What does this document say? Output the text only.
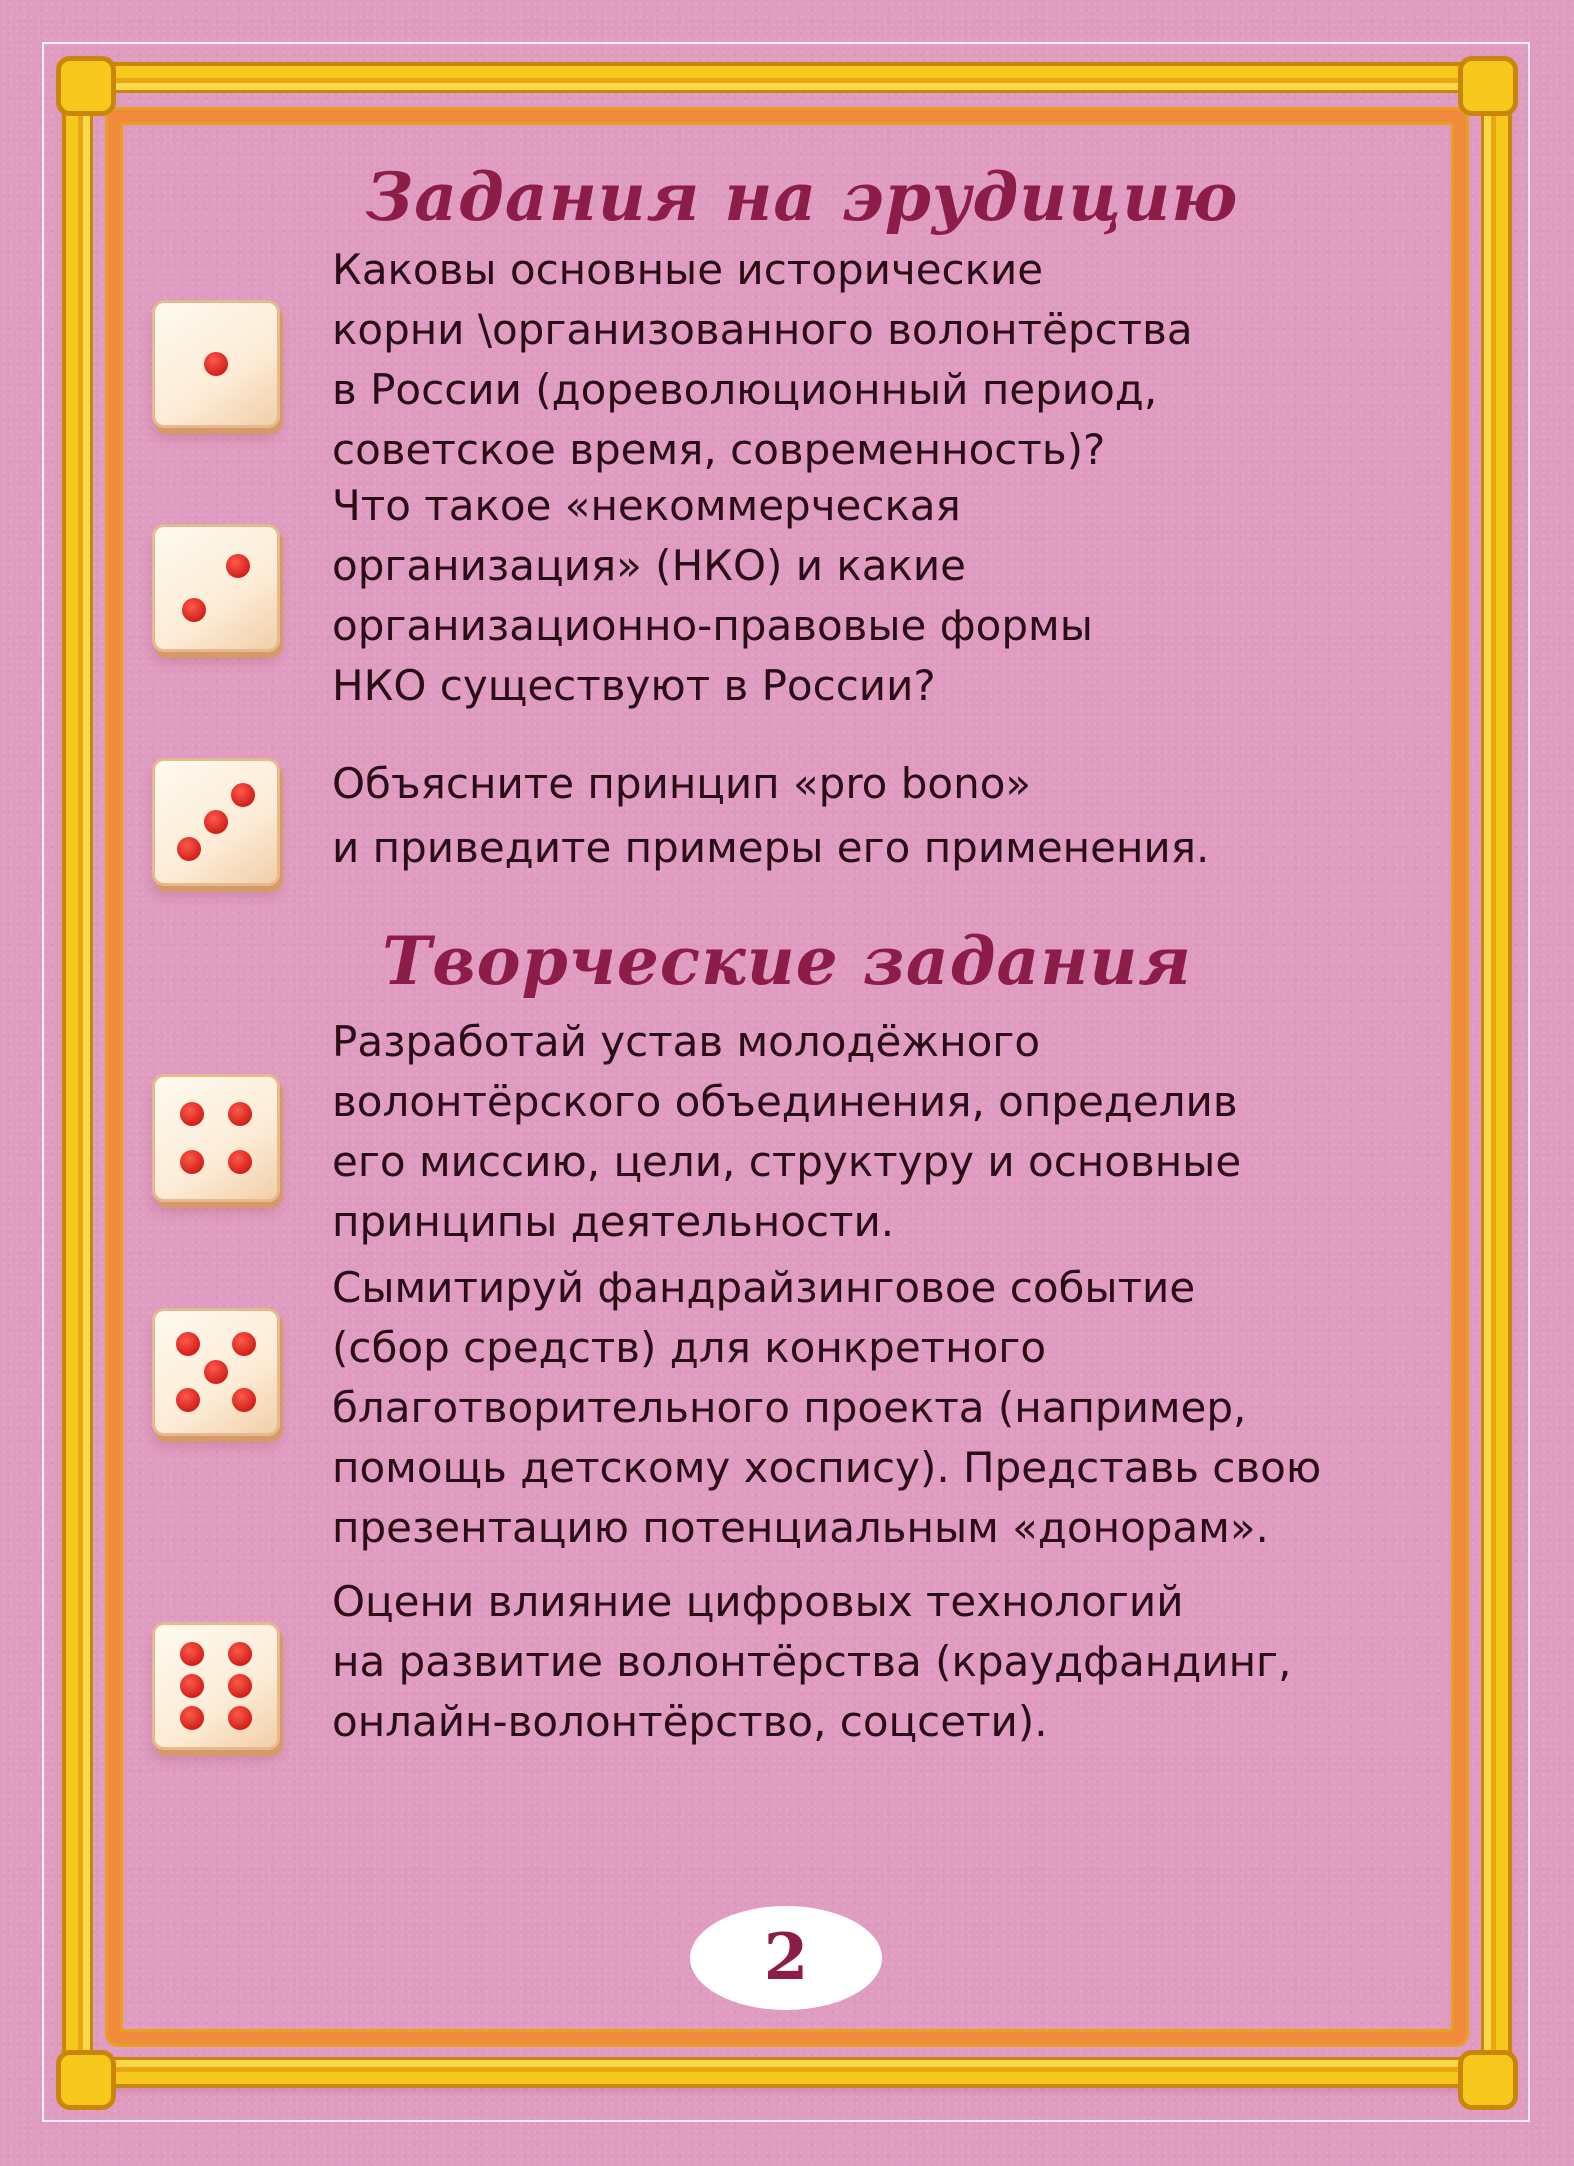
Задания на эрудицию

Каковы основные исторические
корни \организованного волонтёрства
в России (дореволюционный период,
советское время, современность)?

Что такое «некоммерческая
организация» (НКО) и какие
организационно-правовые формы
НКО существуют в России?

Объясните принцип «pro bono»
и приведите примеры его применения.

Творческие задания

Разработай устав молодёжного
волонтёрского объединения, определив
его миссию, цели, структуру и основные
принципы деятельности.

Сымитируй фандрайзинговое событие
(сбор средств) для конкретного
благотворительного проекта (например,
помощь детскому хоспису). Представь свою
презентацию потенциальным «донорам».

Оцени влияние цифровых технологий
на развитие волонтёрства (краудфандинг,
онлайн-волонтёрство, соцсети).

2
